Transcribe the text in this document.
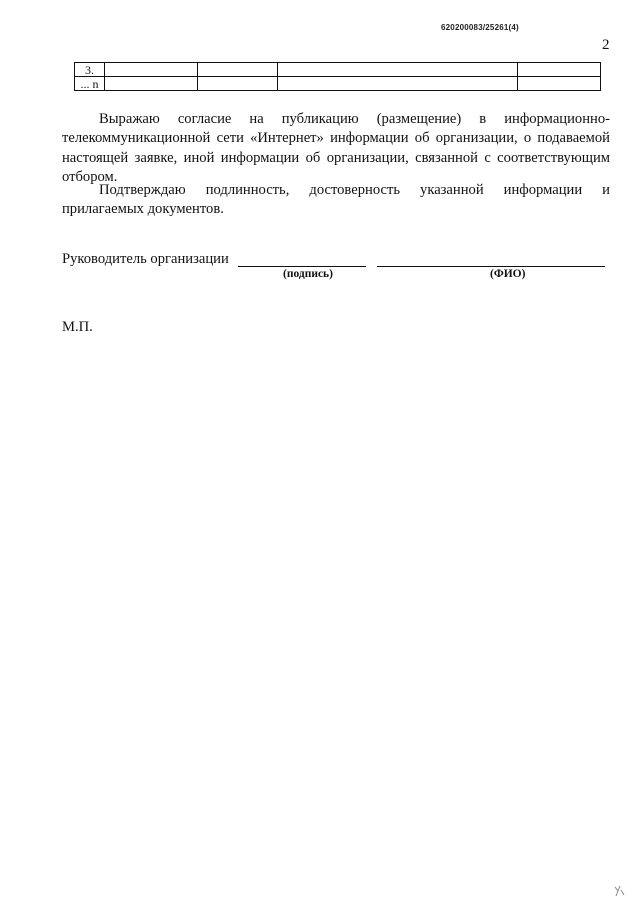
620200083/25261(4)
2
3.				
... n				

Выражаю согласие на публикацию (размещение) в информационно-телекоммуникационной сети «Интернет» информации об организации, о подаваемой настоящей заявке, иной информации об организации, связанной с соответствующим отбором.

Подтверждаю подлинность, достоверность указанной информации и прилагаемых документов.

Руководитель организации
(подпись)	(ФИО)
М.П.
